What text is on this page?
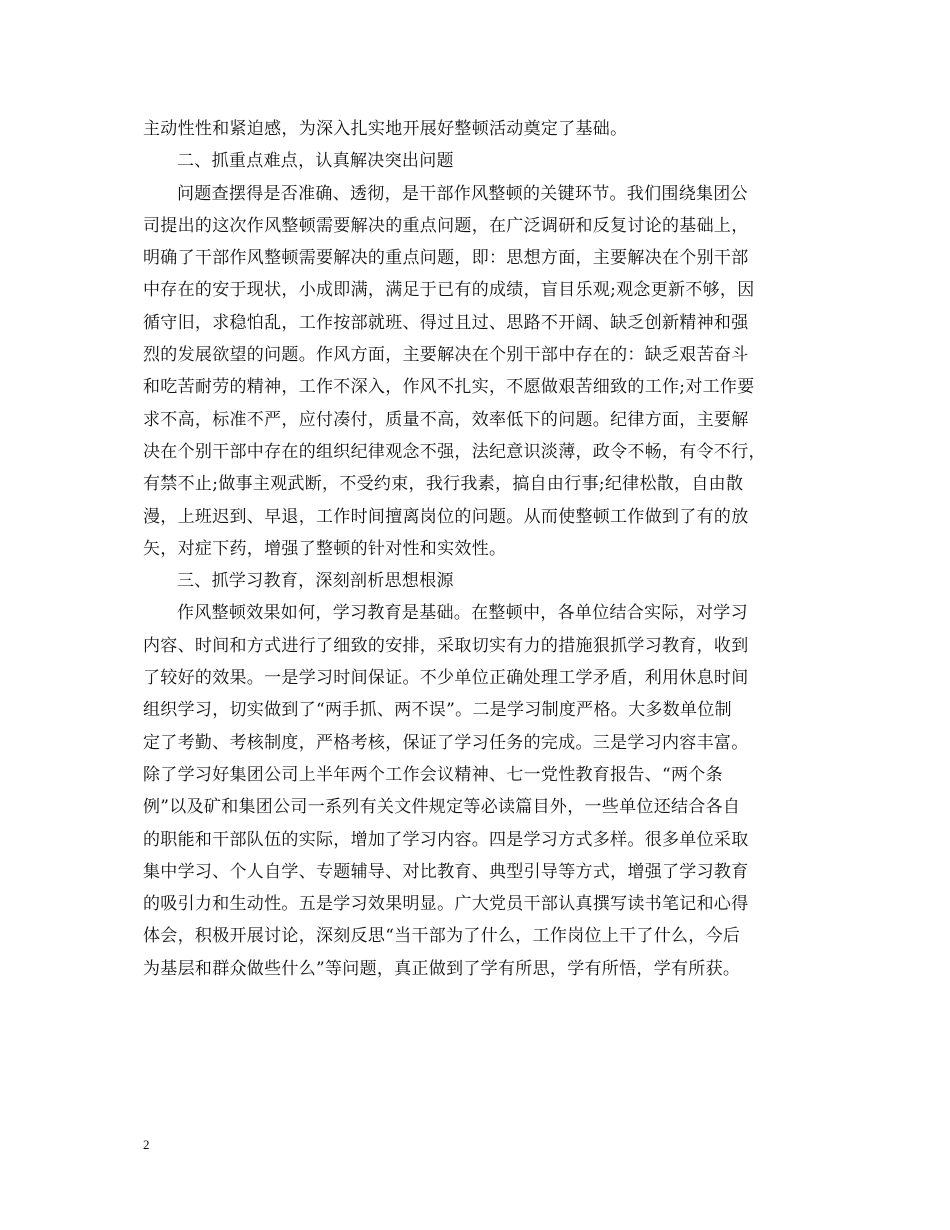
主动性性和紧迫感，为深入扎实地开展好整顿活动奠定了基础。
二、抓重点难点，认真解决突出问题
问题查摆得是否准确、透彻，是干部作风整顿的关键环节。我们围绕集团公
司提出的这次作风整顿需要解决的重点问题，在广泛调研和反复讨论的基础上，
明确了干部作风整顿需要解决的重点问题，即：思想方面，主要解决在个别干部
中存在的安于现状，小成即满，满足于已有的成绩，盲目乐观;观念更新不够，因
循守旧，求稳怕乱，工作按部就班、得过且过、思路不开阔、缺乏创新精神和强
烈的发展欲望的问题。作风方面，主要解决在个别干部中存在的：缺乏艰苦奋斗
和吃苦耐劳的精神，工作不深入，作风不扎实，不愿做艰苦细致的工作;对工作要
求不高，标准不严，应付凑付，质量不高，效率低下的问题。纪律方面，主要解
决在个别干部中存在的组织纪律观念不强，法纪意识淡薄，政令不畅，有令不行，
有禁不止;做事主观武断，不受约束，我行我素，搞自由行事;纪律松散，自由散
漫，上班迟到、早退，工作时间擅离岗位的问题。从而使整顿工作做到了有的放
矢，对症下药，增强了整顿的针对性和实效性。
三、抓学习教育，深刻剖析思想根源
作风整顿效果如何，学习教育是基础。在整顿中，各单位结合实际，对学习
内容、时间和方式进行了细致的安排，采取切实有力的措施狠抓学习教育，收到
了较好的效果。一是学习时间保证。不少单位正确处理工学矛盾，利用休息时间
组织学习，切实做到了“两手抓、两不误”。二是学习制度严格。大多数单位制
定了考勤、考核制度，严格考核，保证了学习任务的完成。三是学习内容丰富。
除了学习好集团公司上半年两个工作会议精神、七一党性教育报告、“两个条
例”以及矿和集团公司一系列有关文件规定等必读篇目外，一些单位还结合各自
的职能和干部队伍的实际，增加了学习内容。四是学习方式多样。很多单位采取
集中学习、个人自学、专题辅导、对比教育、典型引导等方式，增强了学习教育
的吸引力和生动性。五是学习效果明显。广大党员干部认真撰写读书笔记和心得
体会，积极开展讨论，深刻反思“当干部为了什么，工作岗位上干了什么，今后
为基层和群众做些什么”等问题，真正做到了学有所思，学有所悟，学有所获。
2
